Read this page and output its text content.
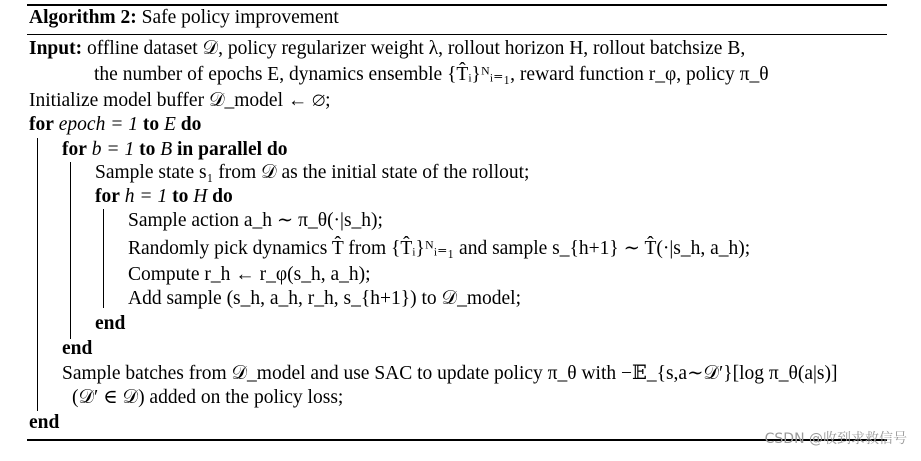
Algorithm 2: Safe policy improvement
Input: offline dataset 𝒟, policy regularizer weight λ, rollout horizon H, rollout batchsize B,
the number of epochs E, dynamics ensemble {T̂ᵢ}ᴺᵢ₌₁, reward function r_φ, policy π_θ
Initialize model buffer 𝒟_model ← ∅;
for epoch = 1 to E do
for b = 1 to B in parallel do
Sample state s₁ from 𝒟 as the initial state of the rollout;
for h = 1 to H do
Sample action a_h ∼ π_θ(·|s_h);
Randomly pick dynamics T̂ from {T̂ᵢ}ᴺᵢ₌₁ and sample s_{h+1} ∼ T̂(·|s_h, a_h);
Compute r_h ← r_φ(s_h, a_h);
Add sample (s_h, a_h, r_h, s_{h+1}) to 𝒟_model;
end
end
Sample batches from 𝒟_model and use SAC to update policy π_θ with −𝔼_{s,a∼𝒟′}[log π_θ(a|s)]
(𝒟′ ∈ 𝒟) added on the policy loss;
end
CSDN @收到求救信号
